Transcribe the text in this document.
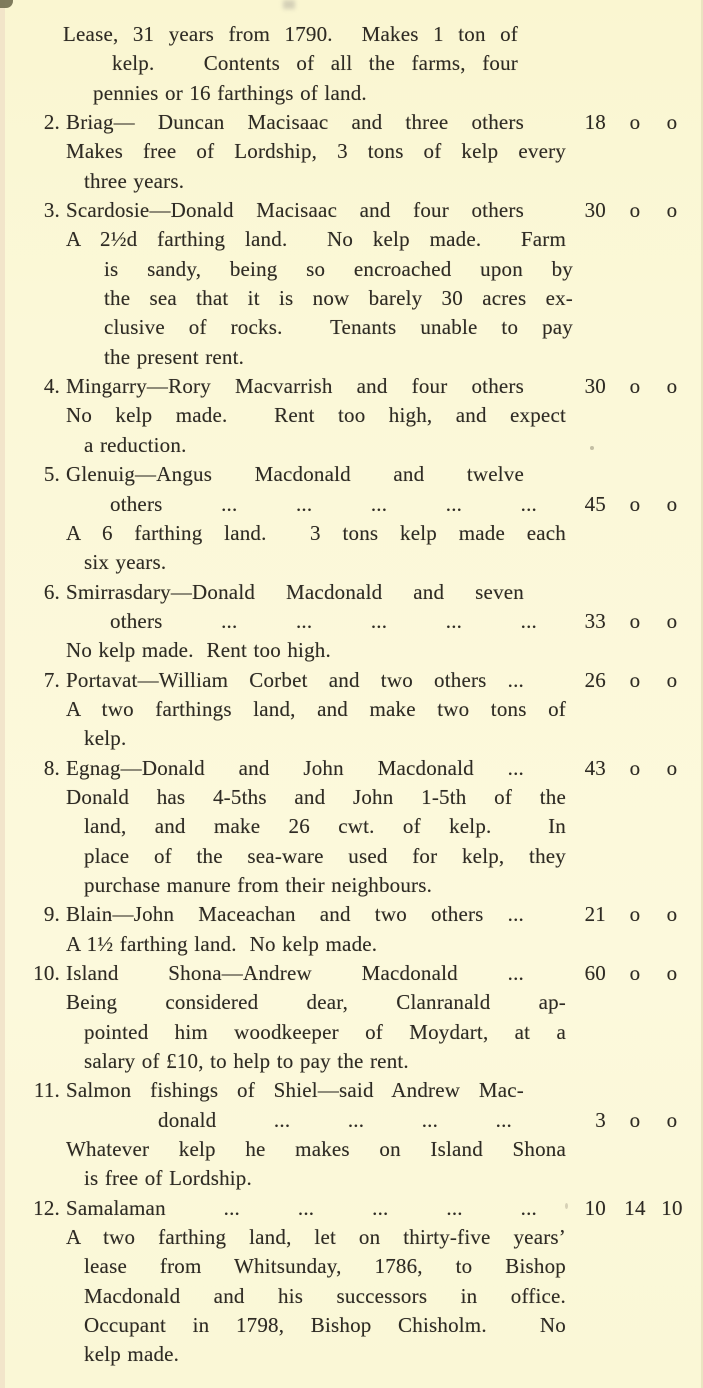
Lease, 31 years from 1790.  Makes 1 ton of
kelp.   Contents of all the farms, four
pennies or 16 farthings of land.
2. Briag— Duncan Macisaac and three others	18	o	o
Makes free of Lordship, 3 tons of kelp every
three years.
3. Scardosie—Donald Macisaac and four others	30	o	o
A 2½d farthing land.  No kelp made.  Farm
is sandy, being so encroached upon by
the sea that it is now barely 30 acres ex-
clusive of rocks.  Tenants unable to pay
the present rent.
4. Mingarry—Rory Macvarrish and four others	30	o	o
No kelp made.  Rent too high, and expect
a reduction.
5. Glenuig—Angus Macdonald and twelve
others ... ... ... ... ...	45	o	o
A 6 farthing land.  3 tons kelp made each
six years.
6. Smirrasdary—Donald Macdonald and seven
others ... ... ... ... ...	33	o	o
No kelp made.  Rent too high.
7. Portavat—William Corbet and two others ...	26	o	o
A two farthings land, and make two tons of
kelp.
8. Egnag—Donald and John Macdonald ...	43	o	o
Donald has 4-5ths and John 1-5th of the
land, and make 26 cwt. of kelp.  In
place of the sea-ware used for kelp, they
purchase manure from their neighbours.
9. Blain—John Maceachan and two others ...	21	o	o
A 1½ farthing land.  No kelp made.
10. Island Shona—Andrew Macdonald ...	60	o	o
Being considered dear, Clanranald ap-
pointed him woodkeeper of Moydart, at a
salary of £10, to help to pay the rent.
11. Salmon fishings of Shiel—said Andrew Mac-
donald ... ... ... ...	3	o	o
Whatever kelp he makes on Island Shona
is free of Lordship.
12. Samalaman ... ... ... ... ...	10 14 10
A two farthing land, let on thirty-five years’
lease from Whitsunday, 1786, to Bishop
Macdonald and his successors in office.
Occupant in 1798, Bishop Chisholm.  No
kelp made.
